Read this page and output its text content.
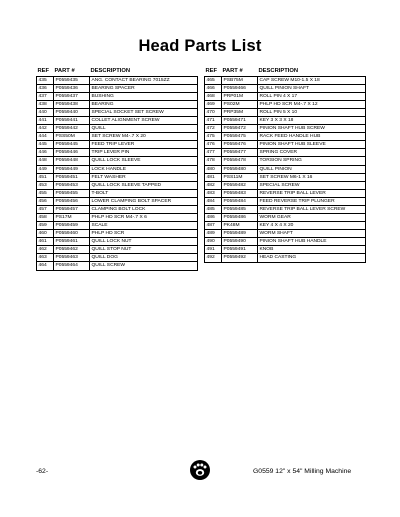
Head Parts List
REF PART #	DESCRIPTION
435	P0559435	ANG. CONTACT BEARING 7015ZZ
436	P0559436	BEARING SPACER
437	P0559437	BUSHING
438	P0559438	BEARING
440	P0559440	SPECIAL SOCKET SET SCREW
441	P0559441	COLLET ALIGNMENT SCREW
442	P0559442	QUILL
444	PSS50M	SET SCREW M4-.7 X 20
445	P0559445	FEED TRIP LEVER
446	P0559446	TRIP LEVER PIN
448	P0559448	QUILL LOCK SLEEVE
449	P0559449	LOCK HANDLE
451	P0559451	FELT WASHER
453	P0559453	QUILL LOCK SLEEVE TAPPED
455	P0559455	T-BOLT
456	P0559456	LOWER CLAMPING BOLT SPACER
457	P0559457	CLAMPING BOLT LOCK
458	PS17M	PHLP HD SCR M4-.7 X 6
459	P0559459	SCALE
460	P0559460	PHLP HD SCR
461	P0559461	QUILL LOCK NUT
462	P0559462	QUILL STOP NUT
463	P0559463	QUILL DOG
464	P0559464	QUILL SCREW
REF PART #	DESCRIPTION
465	PSB75M	CAP SCREW M10-1.5 X 18
466	P0559466	QUILL PINION SHAFT
468	PRP01M	ROLL PIN 4 X 17
469	PS02M	PHLP HD SCR M4-.7 X 12
470	PRP35M	ROLL PIN 5 X 10
471	P0559471	KEY 3 X 3 X 18
472	P0559472	PINION SHAFT HUB SCREW
475	P0559475	RACK FEED HANDLE HUB
476	P0559476	PINION SHAFT HUB SLEEVE
477	P0559477	SPRING COVER
478	P0559478	TORSION SPRING
480	P0559480	QUILL PINION
481	PSS11M	SET SCREW M6-1 X 16
482	P0559482	SPECIAL SCREW
483	P0559483	REVERSE TRIP BALL LEVER
484	P0559484	FEED REVERSE TRIP PLUNGER
485	P0559485	REVERSE TRIP BALL LEVER SCREW
486	P0559486	WORM GEAR
487	PK48M	KEY 4 X 4 X 20
489	P0559489	WORM SHAFT
490	P0559490	PINION SHAFT HUB HANDLE
491	P0559491	KNOB
492	P0559492	HEAD CASTING
-62-	G0559 12" x 54" Milling Machine
